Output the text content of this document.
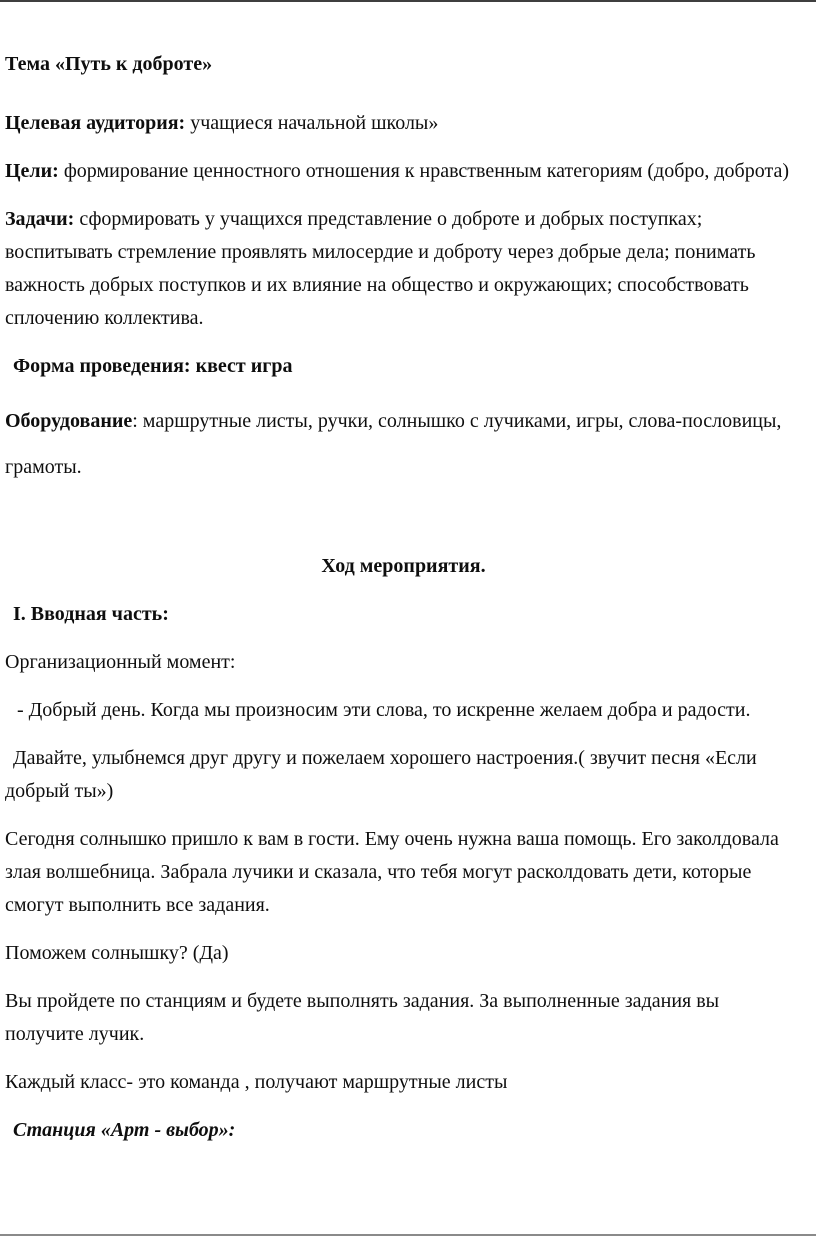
Тема «Путь к доброте»

Целевая аудитория: учащиеся начальной школы»

Цели: формирование ценностного отношения к нравственным категориям (добро, доброта)

Задачи: сформировать у учащихся представление о доброте и добрых поступках; воспитывать стремление проявлять милосердие и доброту через добрые дела; понимать важность добрых поступков и их влияние на общество и окружающих; способствовать сплочению коллектива.

Форма проведения: квест игра

Оборудование: маршрутные листы, ручки, солнышко с лучиками, игры, слова-пословицы, грамоты.

Ход мероприятия.

I. Вводная часть:

Организационный момент:

- Добрый день. Когда мы произносим эти слова, то искренне желаем добра и радости.

Давайте, улыбнемся друг другу и пожелаем хорошего настроения.( звучит песня «Если добрый ты»)

Сегодня солнышко пришло к вам в гости. Ему очень нужна ваша помощь. Его заколдовала злая волшебница. Забрала лучики и сказала, что тебя могут расколдовать дети, которые смогут выполнить все задания.

Поможем солнышку? (Да)

Вы пройдете по станциям и будете выполнять задания. За выполненные задания вы получите лучик.

Каждый класс- это команда , получают маршрутные листы

Станция «Арт - выбор»:
